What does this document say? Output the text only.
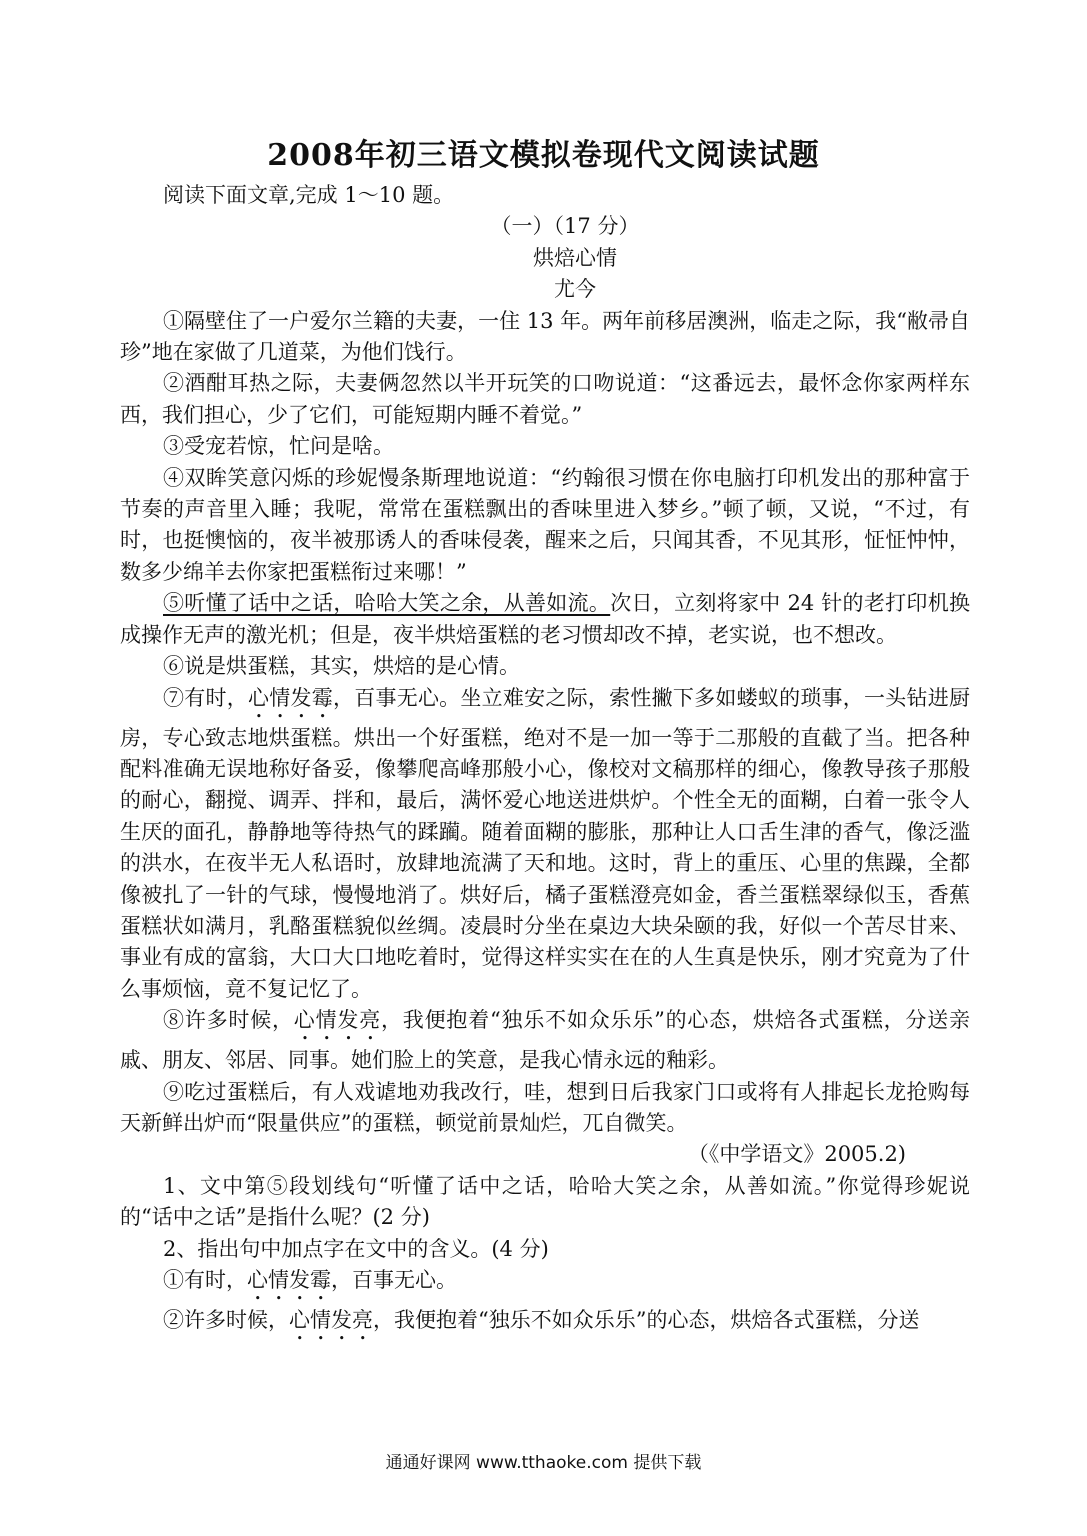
2008年初三语文模拟卷现代文阅读试题

阅读下面文章,完成 1～10 题。

（一）（17 分）

烘焙心情

尤今

①隔壁住了一户爱尔兰籍的夫妻，一住 13 年。两年前移居澳洲，临走之际，我“敝帚自珍”地在家做了几道菜，为他们饯行。

②酒酣耳热之际，夫妻俩忽然以半开玩笑的口吻说道：“这番远去，最怀念你家两样东西，我们担心，少了它们，可能短期内睡不着觉。”

③受宠若惊，忙问是啥。

④双眸笑意闪烁的珍妮慢条斯理地说道：“约翰很习惯在你电脑打印机发出的那种富于节奏的声音里入睡；我呢，常常在蛋糕飘出的香味里进入梦乡。”顿了顿，又说，“不过，有时，也挺懊恼的，夜半被那诱人的香味侵袭，醒来之后，只闻其香，不见其形，怔怔忡忡，数多少绵羊去你家把蛋糕衔过来哪！”

⑤听懂了话中之话，哈哈大笑之余，从善如流。次日，立刻将家中 24 针的老打印机换成操作无声的激光机；但是，夜半烘焙蛋糕的老习惯却改不掉，老实说，也不想改。

⑥说是烘蛋糕，其实，烘焙的是心情。

⑦有时，心情发霉，百事无心。坐立难安之际，索性撇下多如蝼蚁的琐事，一头钻进厨房，专心致志地烘蛋糕。烘出一个好蛋糕，绝对不是一加一等于二那般的直截了当。把各种配料准确无误地称好备妥，像攀爬高峰那般小心，像校对文稿那样的细心，像教导孩子那般的耐心，翻搅、调弄、拌和，最后，满怀爱心地送进烘炉。个性全无的面糊，白着一张令人生厌的面孔，静静地等待热气的蹂躏。随着面糊的膨胀，那种让人口舌生津的香气，像泛滥的洪水，在夜半无人私语时，放肆地流满了天和地。这时，背上的重压、心里的焦躁，全都像被扎了一针的气球，慢慢地消了。烘好后，橘子蛋糕澄亮如金，香兰蛋糕翠绿似玉，香蕉蛋糕状如满月，乳酪蛋糕貌似丝绸。凌晨时分坐在桌边大块朵颐的我，好似一个苦尽甘来、事业有成的富翁，大口大口地吃着时，觉得这样实实在在的人生真是快乐，刚才究竟为了什么事烦恼，竟不复记忆了。

⑧许多时候，心情发亮，我便抱着“独乐不如众乐乐”的心态，烘焙各式蛋糕，分送亲戚、朋友、邻居、同事。她们脸上的笑意，是我心情永远的釉彩。

⑨吃过蛋糕后，有人戏谑地劝我改行，哇，想到日后我家门口或将有人排起长龙抢购每天新鲜出炉而“限量供应”的蛋糕，顿觉前景灿烂，兀自微笑。

（《中学语文》2005.2)

1、文中第⑤段划线句“听懂了话中之话，哈哈大笑之余，从善如流。”你觉得珍妮说的“话中之话”是指什么呢？(2 分)

2、指出句中加点字在文中的含义。(4 分)

①有时，心情发霉，百事无心。

②许多时候，心情发亮，我便抱着“独乐不如众乐乐”的心态，烘焙各式蛋糕，分送

通通好课网 www.tthaoke.com 提供下载
